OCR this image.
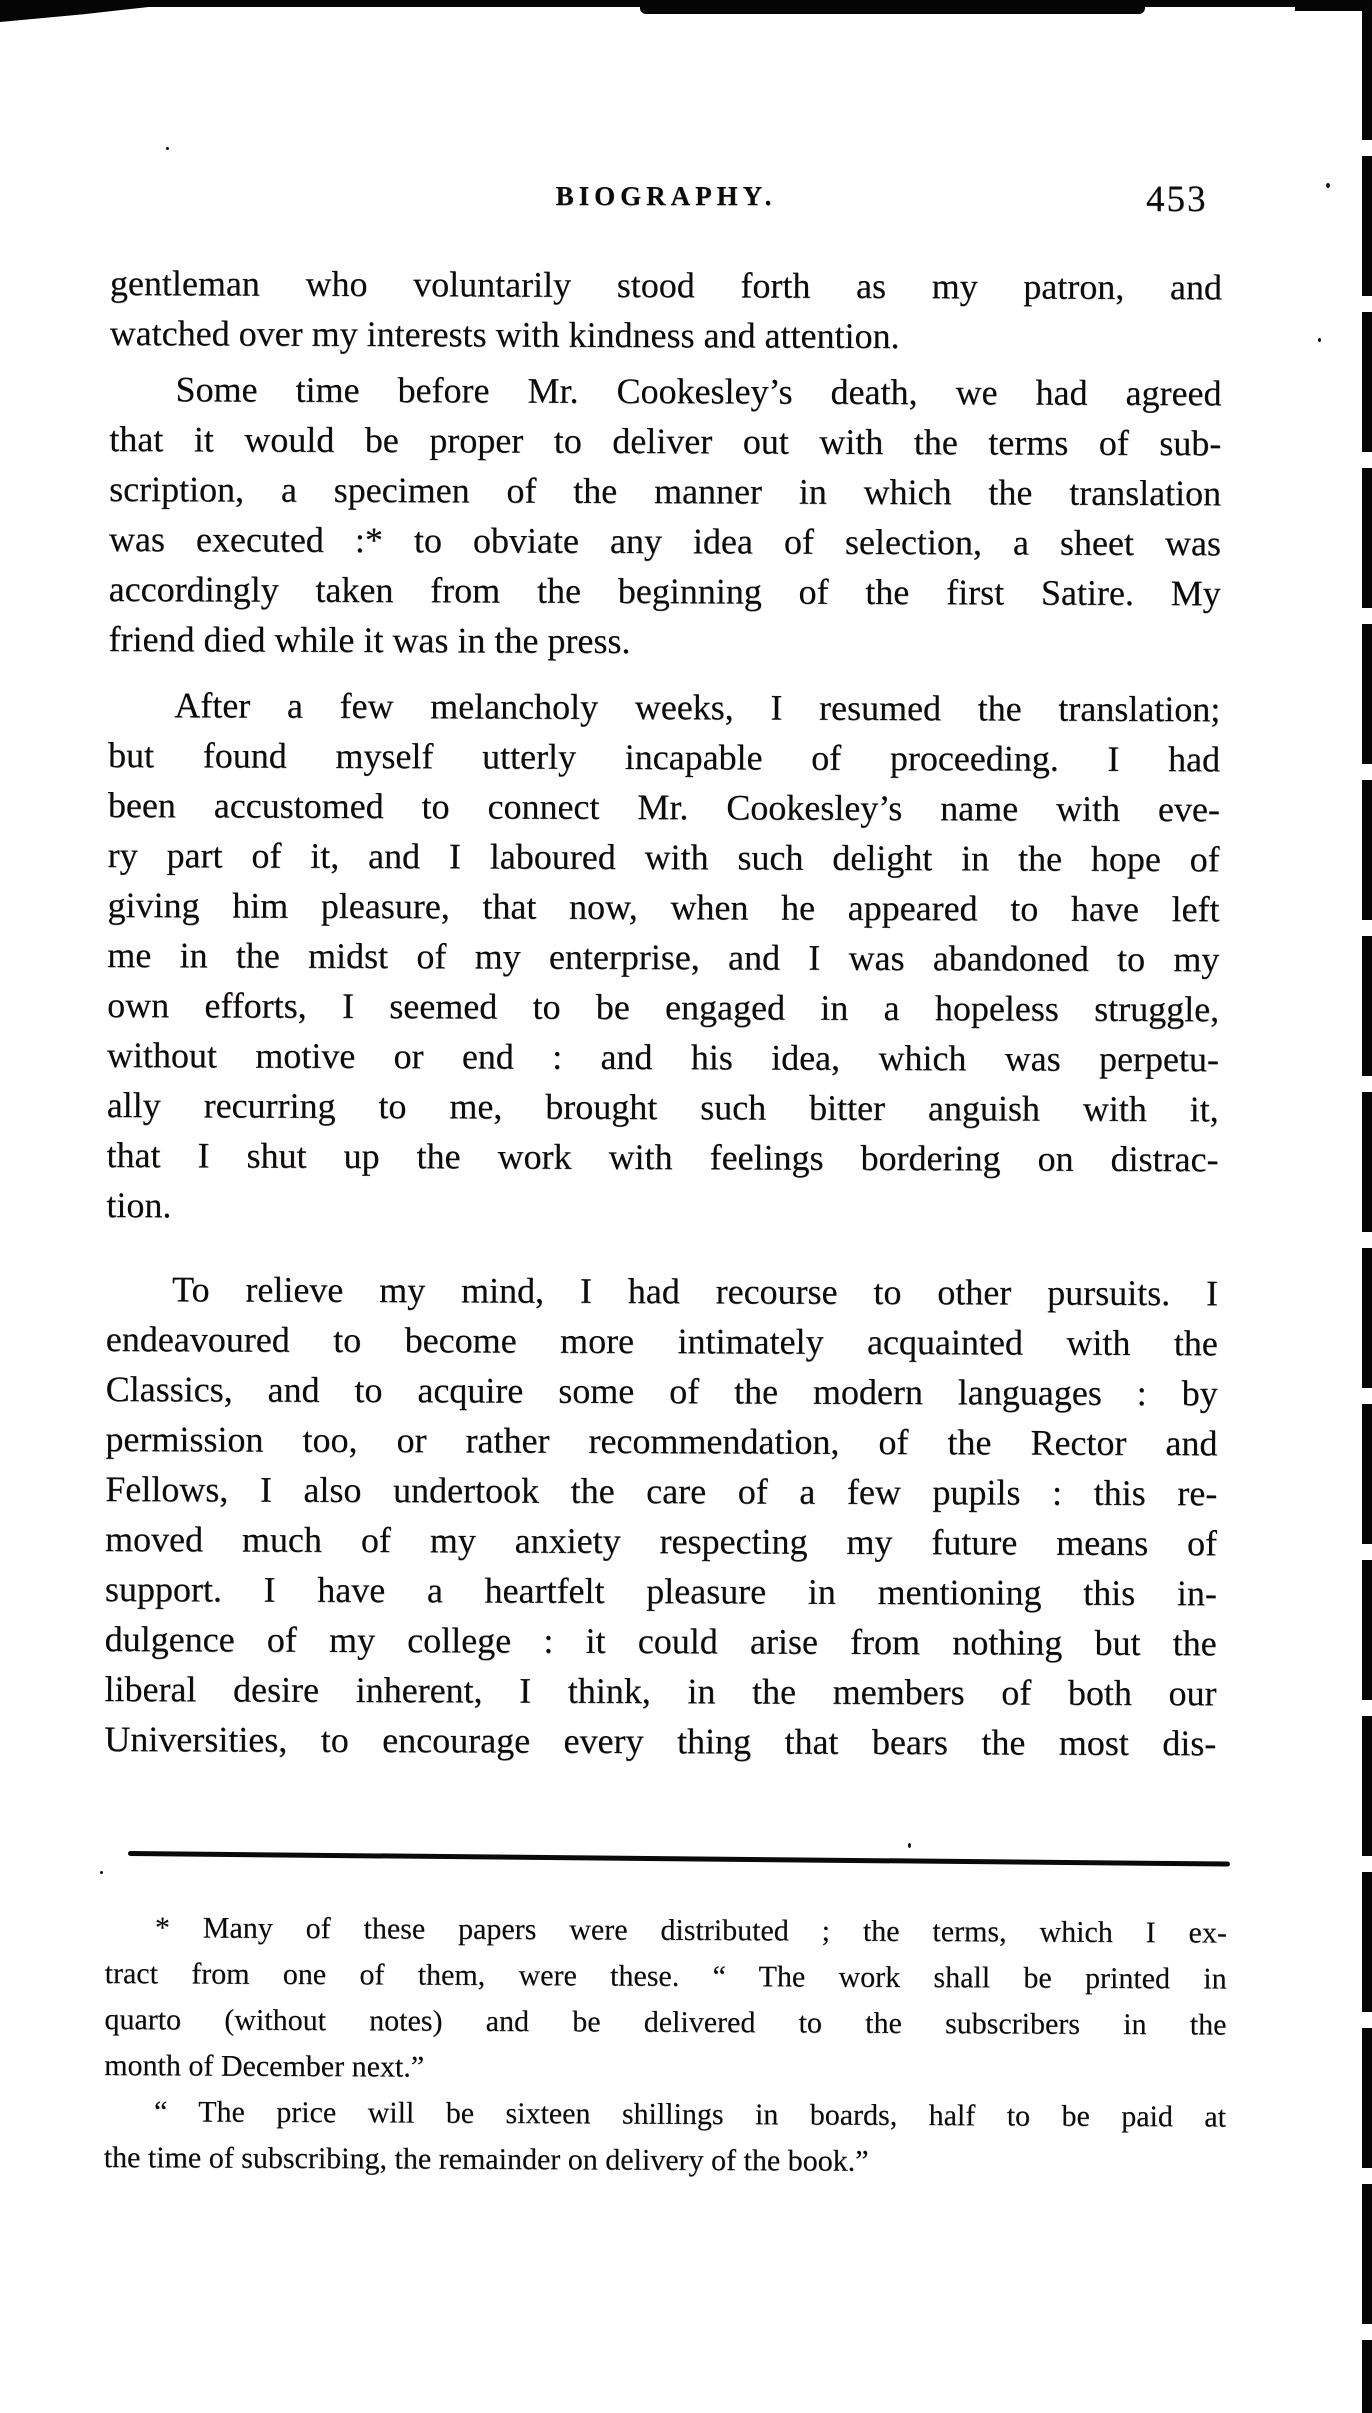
BIOGRAPHY.	453
gentleman who voluntarily stood forth as my patron, and
watched over my interests with kindness and attention.
Some time before Mr. Cookesley’s death, we had agreed
that it would be proper to deliver out with the terms of sub-
scription, a specimen of the manner in which the translation
was executed :* to obviate any idea of selection, a sheet was
accordingly taken from the beginning of the first Satire. My
friend died while it was in the press.
After a few melancholy weeks, I resumed the translation;
but found myself utterly incapable of proceeding. I had
been accustomed to connect Mr. Cookesley’s name with eve-
ry part of it, and I laboured with such delight in the hope of
giving him pleasure, that now, when he appeared to have left
me in the midst of my enterprise, and I was abandoned to my
own efforts, I seemed to be engaged in a hopeless struggle,
without motive or end : and his idea, which was perpetu-
ally recurring to me, brought such bitter anguish with it,
that I shut up the work with feelings bordering on distrac-
tion.
To relieve my mind, I had recourse to other pursuits. I
endeavoured to become more intimately acquainted with the
Classics, and to acquire some of the modern languages : by
permission too, or rather recommendation, of the Rector and
Fellows, I also undertook the care of a few pupils : this re-
moved much of my anxiety respecting my future means of
support. I have a heartfelt pleasure in mentioning this in-
dulgence of my college : it could arise from nothing but the
liberal desire inherent, I think, in the members of both our
Universities, to encourage every thing that bears the most dis-
* Many of these papers were distributed ; the terms, which I ex-
tract from one of them, were these. “ The work shall be printed in
quarto (without notes) and be delivered to the subscribers in the
month of December next.”
“ The price will be sixteen shillings in boards, half to be paid at
the time of subscribing, the remainder on delivery of the book.”
